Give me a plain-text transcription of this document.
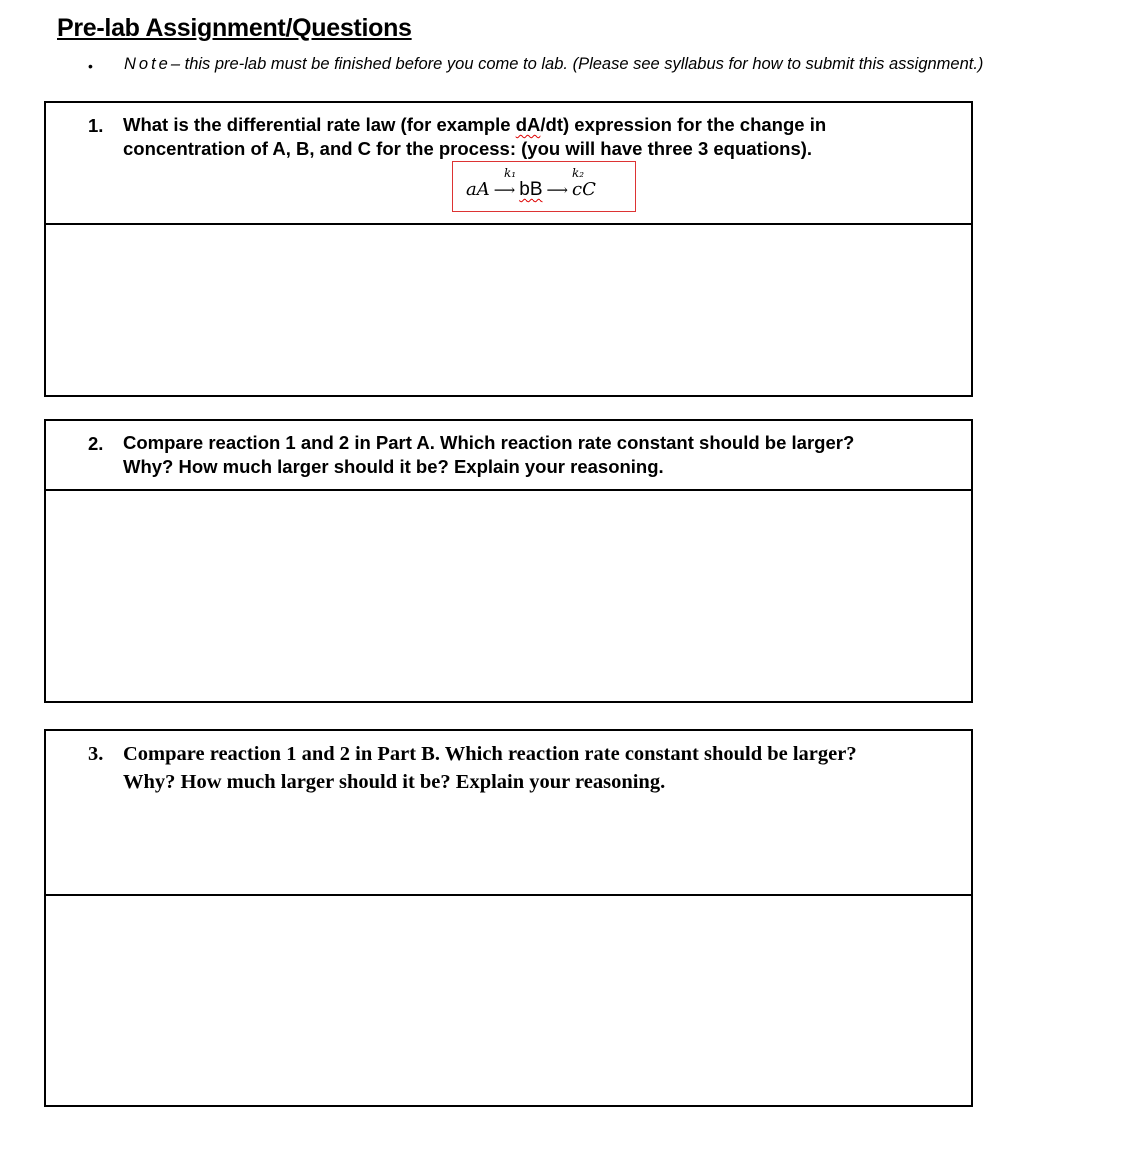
Pre-lab Assignment/Questions
• Note– this pre-lab must be finished before you come to lab. (Please see syllabus for how to submit this assignment.)
1. What is the differential rate law (for example dA/dt) expression for the change in
concentration of A, B, and C for the process: (you will have three 3 equations).
k₁	k₂
aA ⟶ bB ⟶ cC
2. Compare reaction 1 and 2 in Part A. Which reaction rate constant should be larger?
Why? How much larger should it be? Explain your reasoning.
3. Compare reaction 1 and 2 in Part B. Which reaction rate constant should be larger?
Why? How much larger should it be? Explain your reasoning.
